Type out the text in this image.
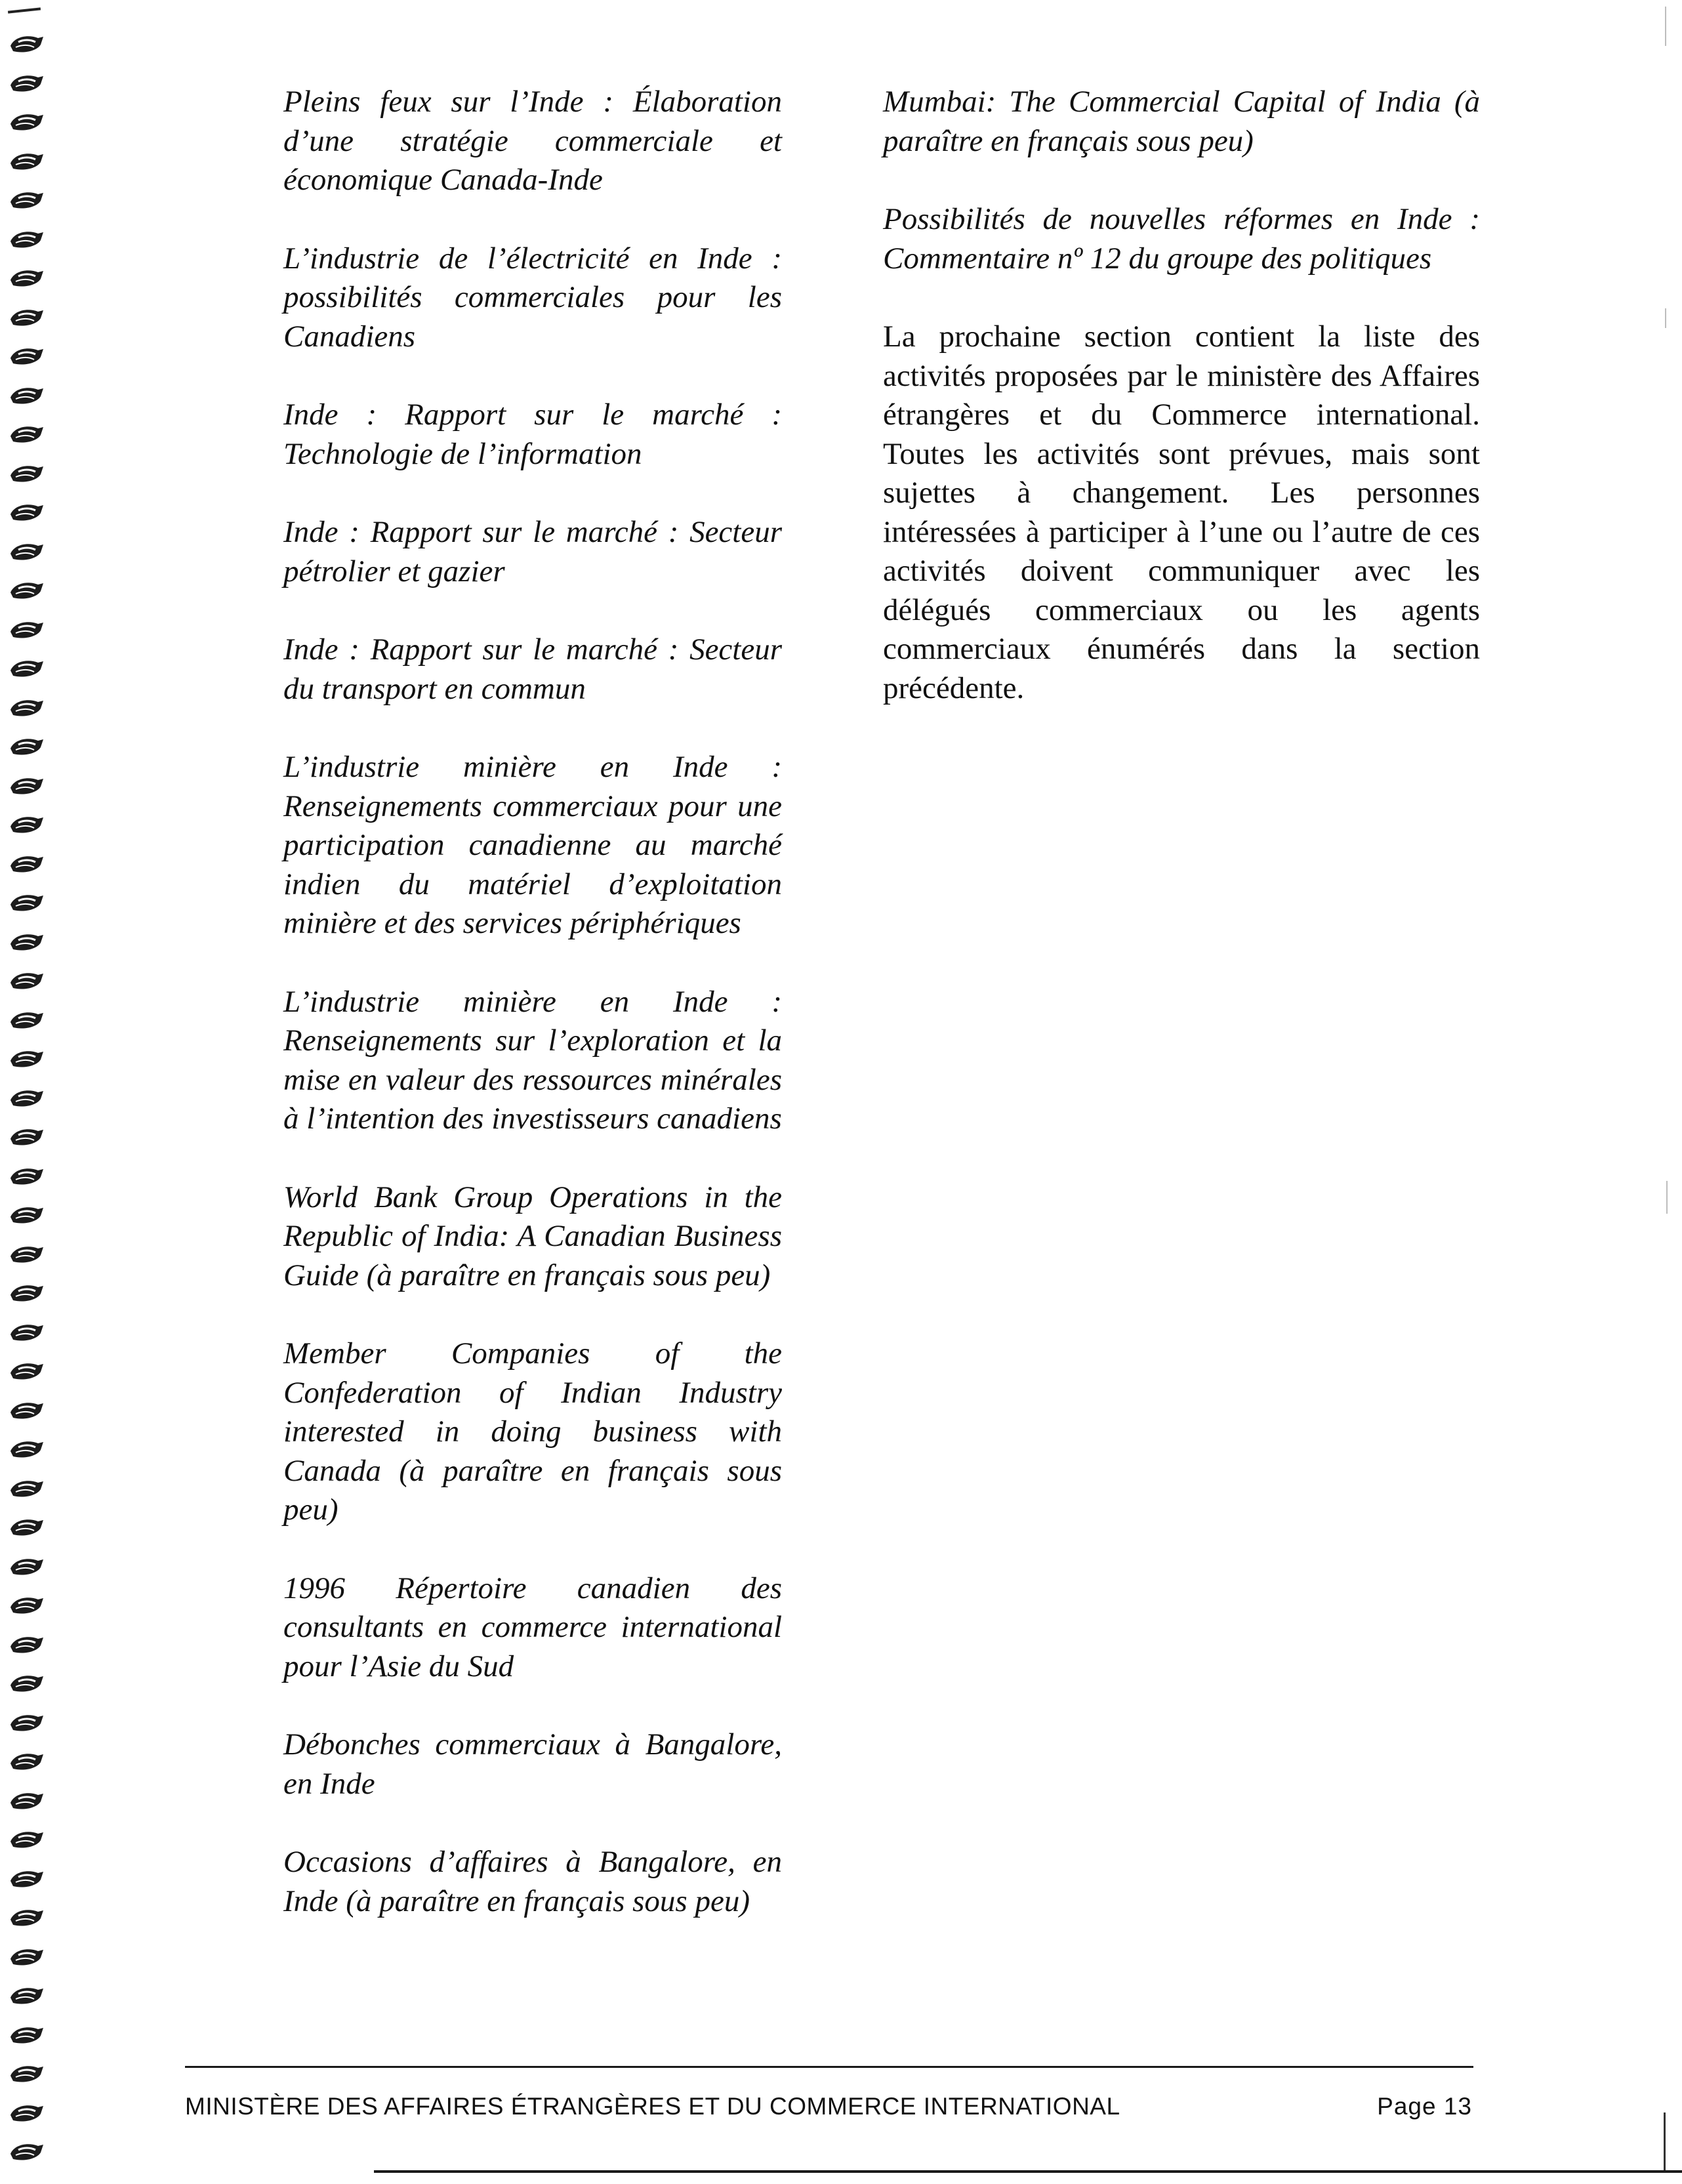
Pleins feux sur l’Inde : Élaboration d’une stratégie commerciale et économique Canada-Inde

L’industrie de l’électricité en Inde : possibilités commerciales pour les Canadiens

Inde : Rapport sur le marché : Technologie de l’information

Inde : Rapport sur le marché : Secteur pétrolier et gazier

Inde : Rapport sur le marché : Secteur du transport en commun

L’industrie minière en Inde : Renseignements commerciaux pour une participation canadienne au marché indien du matériel d’exploitation minière et des services périphériques

L’industrie minière en Inde : Renseignements sur l’exploration et la mise en valeur des ressources minérales à l’intention des investisseurs canadiens

World Bank Group Operations in the Republic of India: A Canadian Business Guide (à paraître en français sous peu)

Member Companies of the Confederation of Indian Industry interested in doing business with Canada (à paraître en français sous peu)

1996 Répertoire canadien des consultants en commerce international pour l’Asie du Sud

Débonches commerciaux à Bangalore, en Inde

Occasions d’affaires à Bangalore, en Inde (à paraître en français sous peu)

Mumbai: The Commercial Capital of India (à paraître en français sous peu)

Possibilités de nouvelles réformes en Inde : Commentaire nº 12 du groupe des politiques

La prochaine section contient la liste des activités proposées par le ministère des Affaires étrangères et du Commerce international. Toutes les activités sont prévues, mais sont sujettes à changement. Les personnes intéressées à participer à l’une ou l’autre de ces activités doivent communiquer avec les délégués commerciaux ou les agents commerciaux énumérés dans la section précédente.

MINISTÈRE DES AFFAIRES ÉTRANGÈRES ET DU COMMERCE INTERNATIONAL	Page 13
